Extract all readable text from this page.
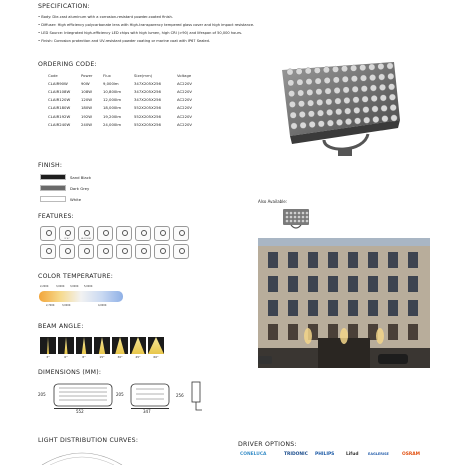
SPECIFICATION:
• Body: Die-cast aluminum with a corrosion-resistant powder-coated finish.
• Diffuser: High efficiency polycarbonate lens with High-transparency tempered glass cover and high impact resistance.
• LED Source: Integrated high-efficiency LED chips with high lumen, high CRI (>90) and lifespan of 50,000 hours.
• Finish: Corrosion protection and UV-resistant powder coating or marine coat with IP67 Sealed.
ORDERING CODE:
Code	Power	Flux	Size(mm)	Voltage
CLAIR90W	90W	9,000lm	347X205X256	AC220V
CLAIR108W	108W	10,800lm	347X205X256	AC220V
CLAIR120W	120W	12,000lm	347X205X256	AC220V
CLAIR180W	180W	18,000lm	552X205X256	AC220V
CLAIR192W	192W	19,200lm	552X205X256	AC220V
CLAIR240W	240W	24,000lm	552X205X256	AC220V
FINISH:
Sand Black
Dark Grey
White
FEATURES:
IP 67	HI-COLOR
Also Available:
COLOR TEMPERATURE:
2,200K	3,000K 3,000K 5,000K
2,700K	3,000K	4,000K
BEAM ANGLE:
3°	6°	8°	15°	30°	45°	60°
DIMENSIONS (MM):
205
552
205
347
256
LIGHT DISTRIBUTION CURVES:
DRIVER OPTIONS:
CONELUCA	TRIDONIC PHILIPS	Lifud	EAGLERISE	OSRAM
